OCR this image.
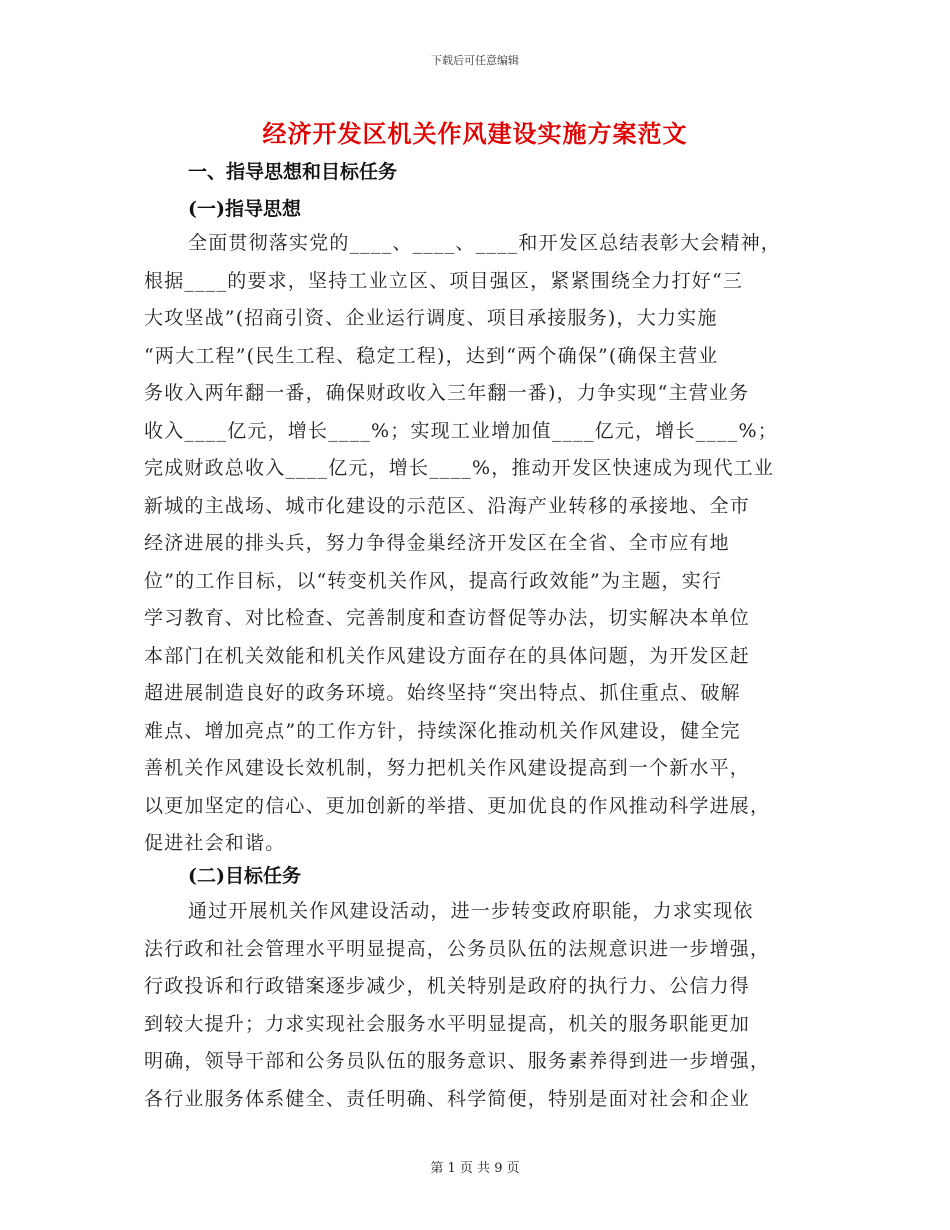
下载后可任意编辑
经济开发区机关作风建设实施方案范文
一、指导思想和目标任务
(一)指导思想
全面贯彻落实党的____、____、____和开发区总结表彰大会精神，
根据____的要求，坚持工业立区、项目强区，紧紧围绕全力打好“三
大攻坚战”(招商引资、企业运行调度、项目承接服务)，大力实施
“两大工程”(民生工程、稳定工程)，达到“两个确保”(确保主营业
务收入两年翻一番，确保财政收入三年翻一番)，力争实现“主营业务
收入____亿元，增长____%；实现工业增加值____亿元，增长____%；
完成财政总收入____亿元，增长____%，推动开发区快速成为现代工业
新城的主战场、城市化建设的示范区、沿海产业转移的承接地、全市
经济进展的排头兵，努力争得金巢经济开发区在全省、全市应有地
位”的工作目标，以“转变机关作风，提高行政效能”为主题，实行
学习教育、对比检查、完善制度和查访督促等办法，切实解决本单位
本部门在机关效能和机关作风建设方面存在的具体问题，为开发区赶
超进展制造良好的政务环境。始终坚持“突出特点、抓住重点、破解
难点、增加亮点”的工作方针，持续深化推动机关作风建设，健全完
善机关作风建设长效机制，努力把机关作风建设提高到一个新水平，
以更加坚定的信心、更加创新的举措、更加优良的作风推动科学进展，
促进社会和谐。
(二)目标任务
通过开展机关作风建设活动，进一步转变政府职能，力求实现依
法行政和社会管理水平明显提高，公务员队伍的法规意识进一步增强，
行政投诉和行政错案逐步减少，机关特别是政府的执行力、公信力得
到较大提升；力求实现社会服务水平明显提高，机关的服务职能更加
明确，领导干部和公务员队伍的服务意识、服务素养得到进一步增强，
各行业服务体系健全、责任明确、科学简便，特别是面对社会和企业
第 1 页 共 9 页
